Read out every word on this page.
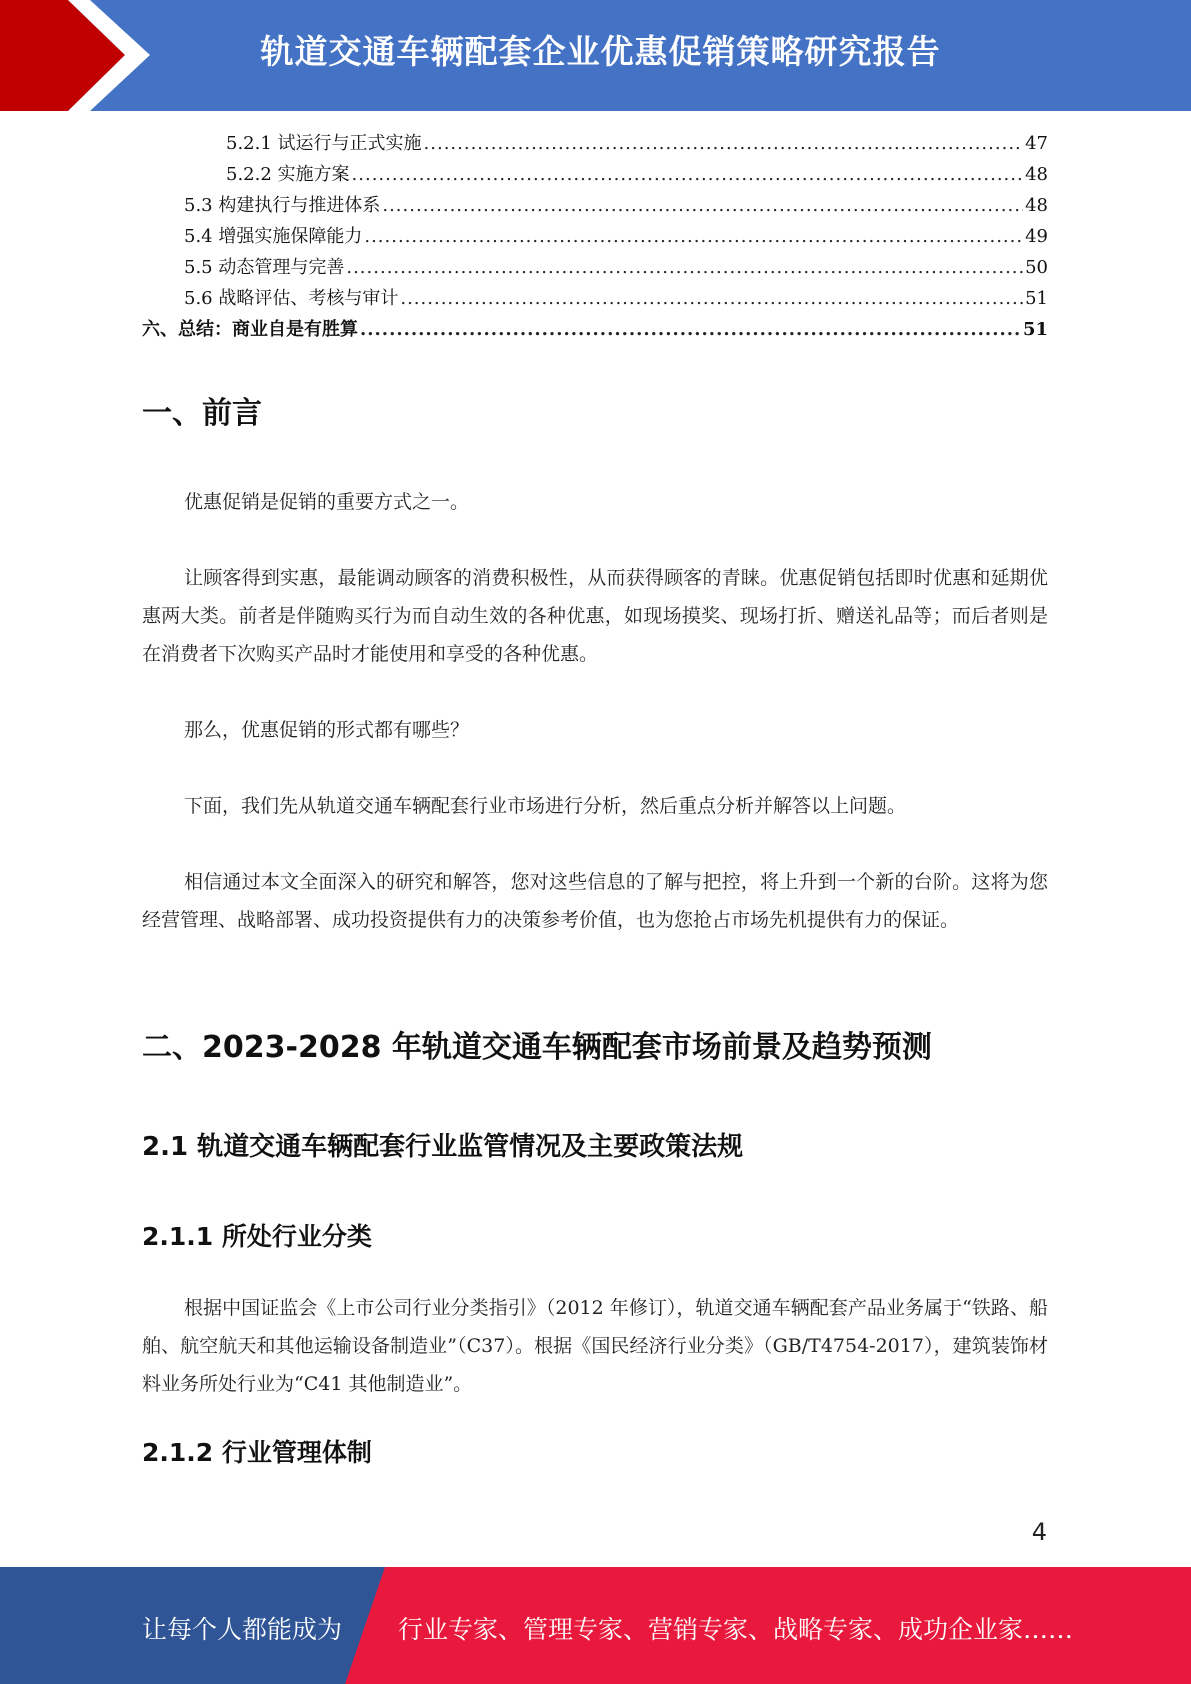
轨道交通车辆配套企业优惠促销策略研究报告
5.2.1 试运行与正式实施 .....	47
5.2.2 实施方案 .....	48
5.3 构建执行与推进体系 .....	48
5.4 增强实施保障能力 .....	49
5.5 动态管理与完善 .....	50
5.6 战略评估、考核与审计 .....	51
六、总结：商业自是有胜算 .....	51
一、前言
优惠促销是促销的重要方式之一。
让顾客得到实惠，最能调动顾客的消费积极性，从而获得顾客的青睐。优惠促销包括即时优惠和延期优惠两大类。前者是伴随购买行为而自动生效的各种优惠，如现场摸奖、现场打折、赠送礼品等；而后者则是在消费者下次购买产品时才能使用和享受的各种优惠。
那么，优惠促销的形式都有哪些？
下面，我们先从轨道交通车辆配套行业市场进行分析，然后重点分析并解答以上问题。
相信通过本文全面深入的研究和解答，您对这些信息的了解与把控，将上升到一个新的台阶。这将为您经营管理、战略部署、成功投资提供有力的决策参考价值，也为您抢占市场先机提供有力的保证。
二、2023-2028 年轨道交通车辆配套市场前景及趋势预测
2.1 轨道交通车辆配套行业监管情况及主要政策法规
2.1.1 所处行业分类
根据中国证监会《上市公司行业分类指引》（2012 年修订），轨道交通车辆配套产品业务属于“铁路、船舶、航空航天和其他运输设备制造业”（C37）。根据《国民经济行业分类》（GB/T4754-2017），建筑装饰材料业务所处行业为“C41 其他制造业”。
2.1.2 行业管理体制
4
让每个人都能成为 行业专家、管理专家、营销专家、战略专家、成功企业家……
